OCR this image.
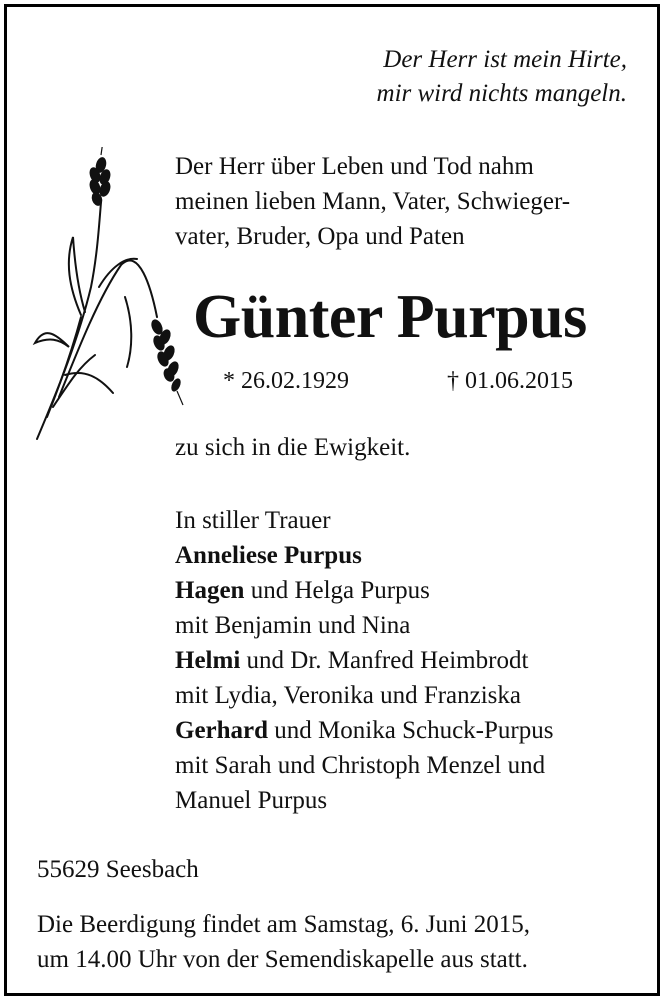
Der Herr ist mein Hirte,
mir wird nichts mangeln.

Der Herr über Leben und Tod nahm
meinen lieben Mann, Vater, Schwieger-
vater, Bruder, Opa und Paten

Günter Purpus
* 26.02.1929	† 01.06.2015

zu sich in die Ewigkeit.

In stiller Trauer
Anneliese Purpus
Hagen und Helga Purpus
mit Benjamin und Nina
Helmi und Dr. Manfred Heimbrodt
mit Lydia, Veronika und Franziska
Gerhard und Monika Schuck-Purpus
mit Sarah und Christoph Menzel und
Manuel Purpus

55629 Seesbach

Die Beerdigung findet am Samstag, 6. Juni 2015,
um 14.00 Uhr von der Semendiskapelle aus statt.
